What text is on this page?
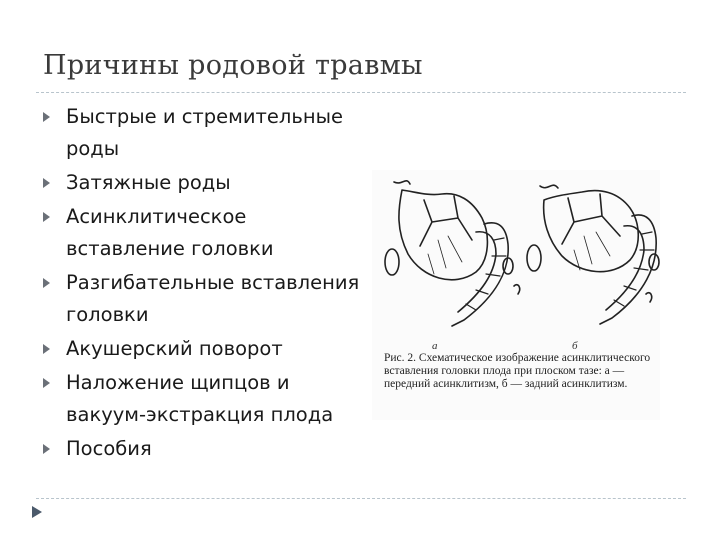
Причины родовой травмы
Быстрые и стремительные роды
Затяжные роды
Асинклитическое вставление головки
Разгибательные вставления головки
Акушерский поворот
Наложение щипцов и вакуум-экстракция плода
Пособия
а	б
Рис. 2. Схематическое изображение асинклитического вставления головки плода при плоском тазе: а — передний асинклитизм, б — задний асинклитизм.
